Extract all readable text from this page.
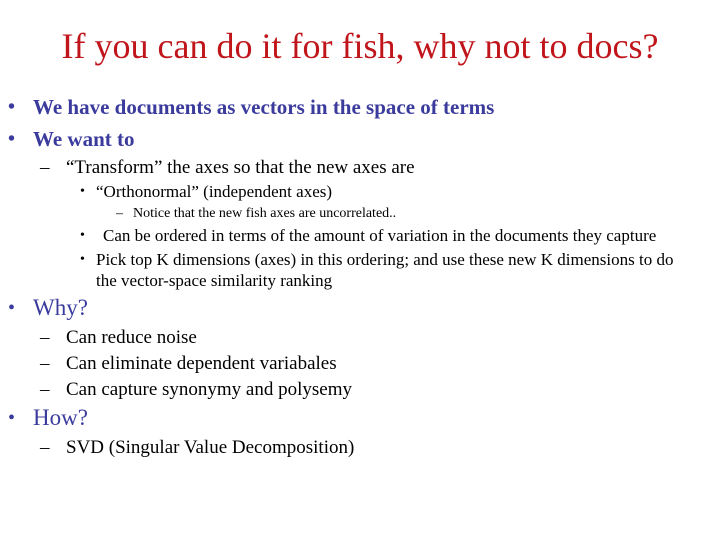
If you can do it for fish, why not to docs?
• We have documents as vectors in the space of terms
• We want to
– “Transform” the axes so that the new axes are
• “Orthonormal” (independent axes)
– Notice that the new fish axes are uncorrelated..
• Can be ordered in terms of the amount of variation in the documents they capture
• Pick top K dimensions (axes) in this ordering; and use these new K dimensions to do
the vector-space similarity ranking
• Why?
– Can reduce noise
– Can eliminate dependent variabales
– Can capture synonymy and polysemy
• How?
– SVD (Singular Value Decomposition)
